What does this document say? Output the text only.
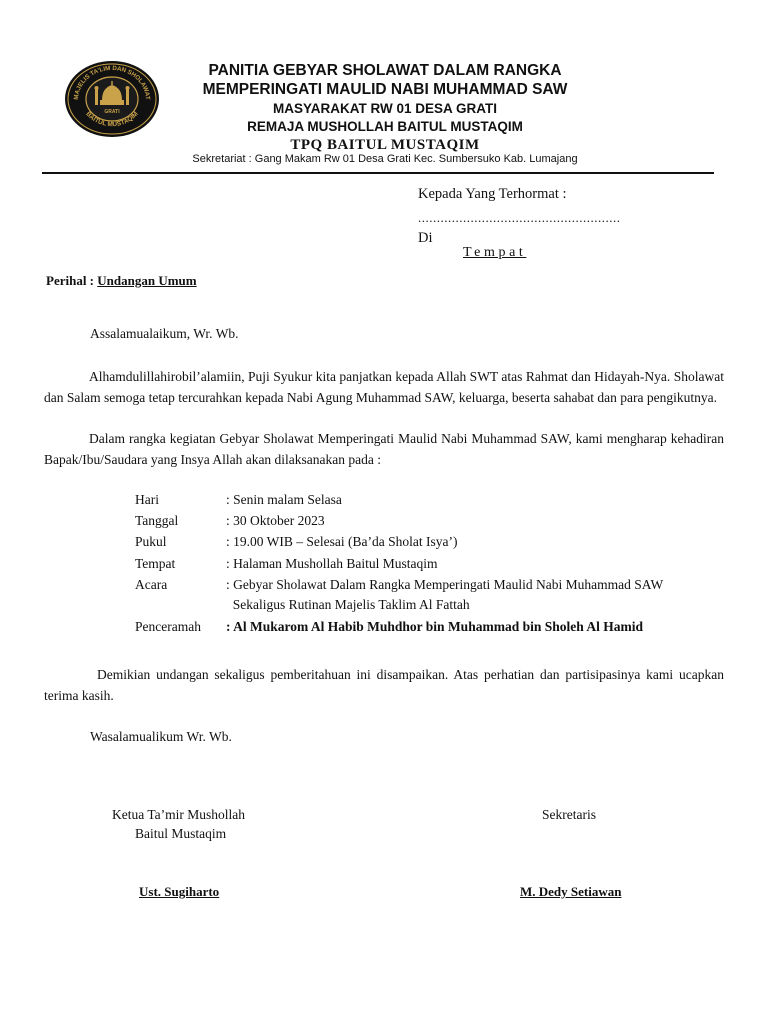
MAJELIS TA'LIM DAN SHOLAWAT
BAITUL MUSTAQIM
GRATI
PANITIA GEBYAR SHOLAWAT DALAM RANGKA
MEMPERINGATI MAULID NABI MUHAMMAD SAW
MASYARAKAT RW 01 DESA GRATI
REMAJA MUSHOLLAH BAITUL MUSTAQIM
TPQ BAITUL MUSTAQIM
Sekretariat : Gang Makam Rw 01 Desa Grati Kec. Sumbersuko Kab. Lumajang
Kepada Yang Terhormat :
......................................................
Di
Tempat
Perihal : Undangan Umum
Assalamualaikum, Wr. Wb.

Alhamdulillahirobil’alamiin, Puji Syukur kita panjatkan kepada Allah SWT atas Rahmat dan Hidayah-Nya. Sholawat dan Salam semoga tetap tercurahkan kepada Nabi Agung Muhammad SAW, keluarga, beserta sahabat dan para pengikutnya.

Dalam rangka kegiatan Gebyar Sholawat Memperingati Maulid Nabi Muhammad SAW, kami mengharap kehadiran Bapak/Ibu/Saudara yang Insya Allah akan dilaksanakan pada :

Hari	: Senin malam Selasa
Tanggal	: 30 Oktober 2023
Pukul	: 19.00 WIB – Selesai (Ba’da Sholat Isya’)
Tempat	: Halaman Mushollah Baitul Mustaqim
Acara	: Gebyar Sholawat Dalam Rangka Memperingati Maulid Nabi Muhammad SAW
Sekaligus Rutinan Majelis Taklim Al Fattah
Penceramah : Al Mukarom Al Habib Muhdhor bin Muhammad bin Sholeh Al Hamid

Demikian undangan sekaligus pemberitahuan ini disampaikan. Atas perhatian dan partisipasinya kami ucapkan terima kasih.

Wasalamualikum Wr. Wb.
Ketua Ta’mir Mushollah
Baitul Mustaqim
Sekretaris
Ust. Sugiharto	M. Dedy Setiawan
